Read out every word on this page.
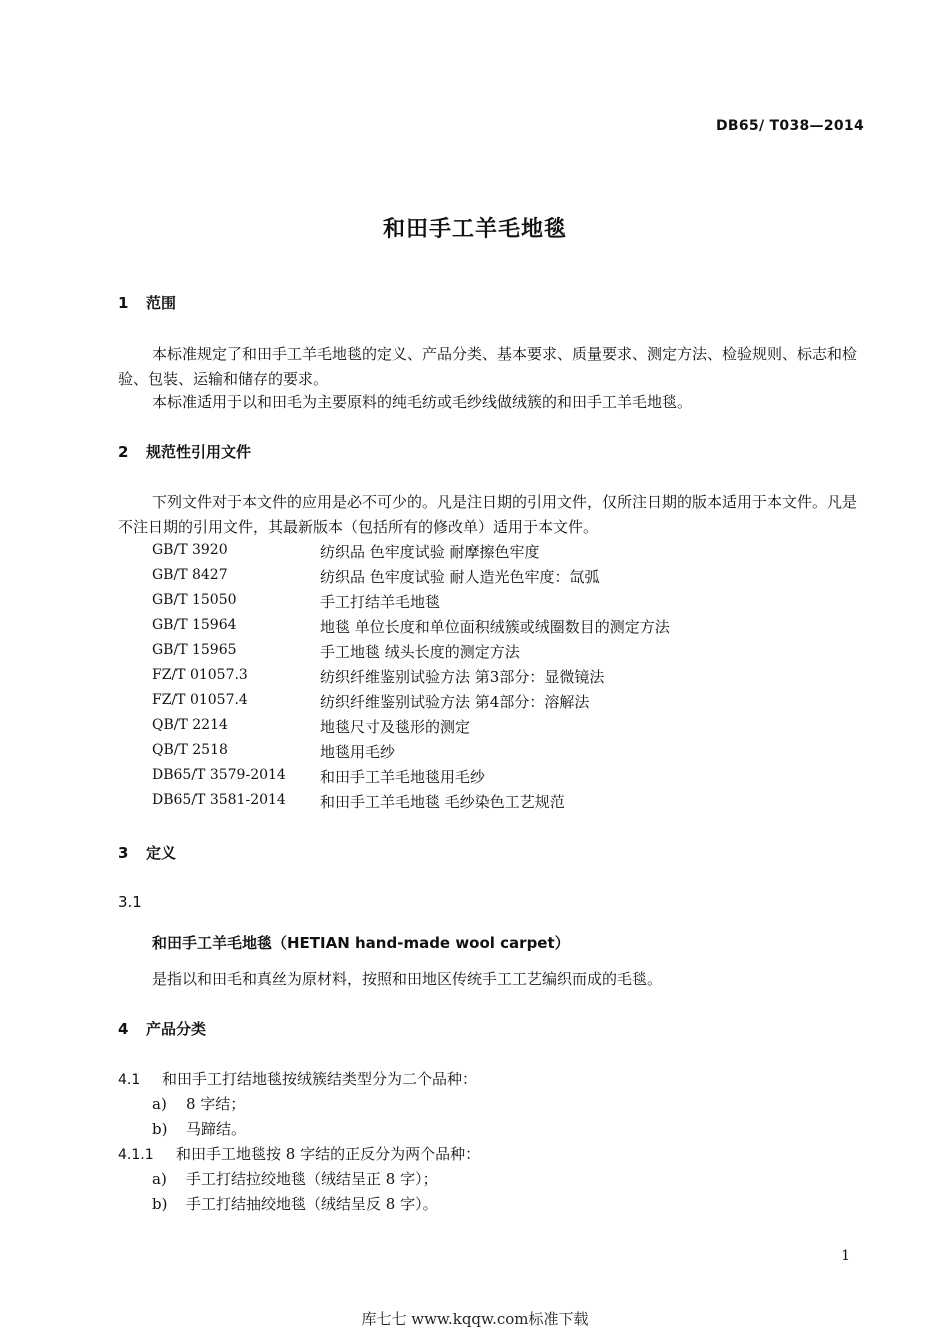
DB65/ T038—2014
和田手工羊毛地毯
1 范围
本标准规定了和田手工羊毛地毯的定义、产品分类、基本要求、质量要求、测定方法、检验规则、标志和检验、包装、运输和储存的要求。
本标准适用于以和田毛为主要原料的纯毛纺或毛纱线做绒簇的和田手工羊毛地毯。
2 规范性引用文件
下列文件对于本文件的应用是必不可少的。凡是注日期的引用文件，仅所注日期的版本适用于本文件。凡是不注日期的引用文件，其最新版本（包括所有的修改单）适用于本文件。
GB/T 3920	纺织品 色牢度试验 耐摩擦色牢度
GB/T 8427	纺织品 色牢度试验 耐人造光色牢度：氙弧
GB/T 15050	手工打结羊毛地毯
GB/T 15964	地毯 单位长度和单位面积绒簇或绒圈数目的测定方法
GB/T 15965	手工地毯 绒头长度的测定方法
FZ/T 01057.3	纺织纤维鉴别试验方法 第3部分：显微镜法
FZ/T 01057.4	纺织纤维鉴别试验方法 第4部分：溶解法
QB/T 2214	地毯尺寸及毯形的测定
QB/T 2518	地毯用毛纱
DB65/T 3579-2014 和田手工羊毛地毯用毛纱
DB65/T 3581-2014 和田手工羊毛地毯 毛纱染色工艺规范
3 定义
3.1
和田手工羊毛地毯（HETIAN hand-made wool carpet）
是指以和田毛和真丝为原材料，按照和田地区传统手工工艺编织而成的毛毯。
4 产品分类
4.1 和田手工打结地毯按绒簇结类型分为二个品种：
a) 8 字结；
b) 马蹄结。
4.1.1 和田手工地毯按 8 字结的正反分为两个品种：
a) 手工打结拉绞地毯（绒结呈正 8 字）；
b) 手工打结抽绞地毯（绒结呈反 8 字）。
1
库七七 www.kqqw.com标准下载
